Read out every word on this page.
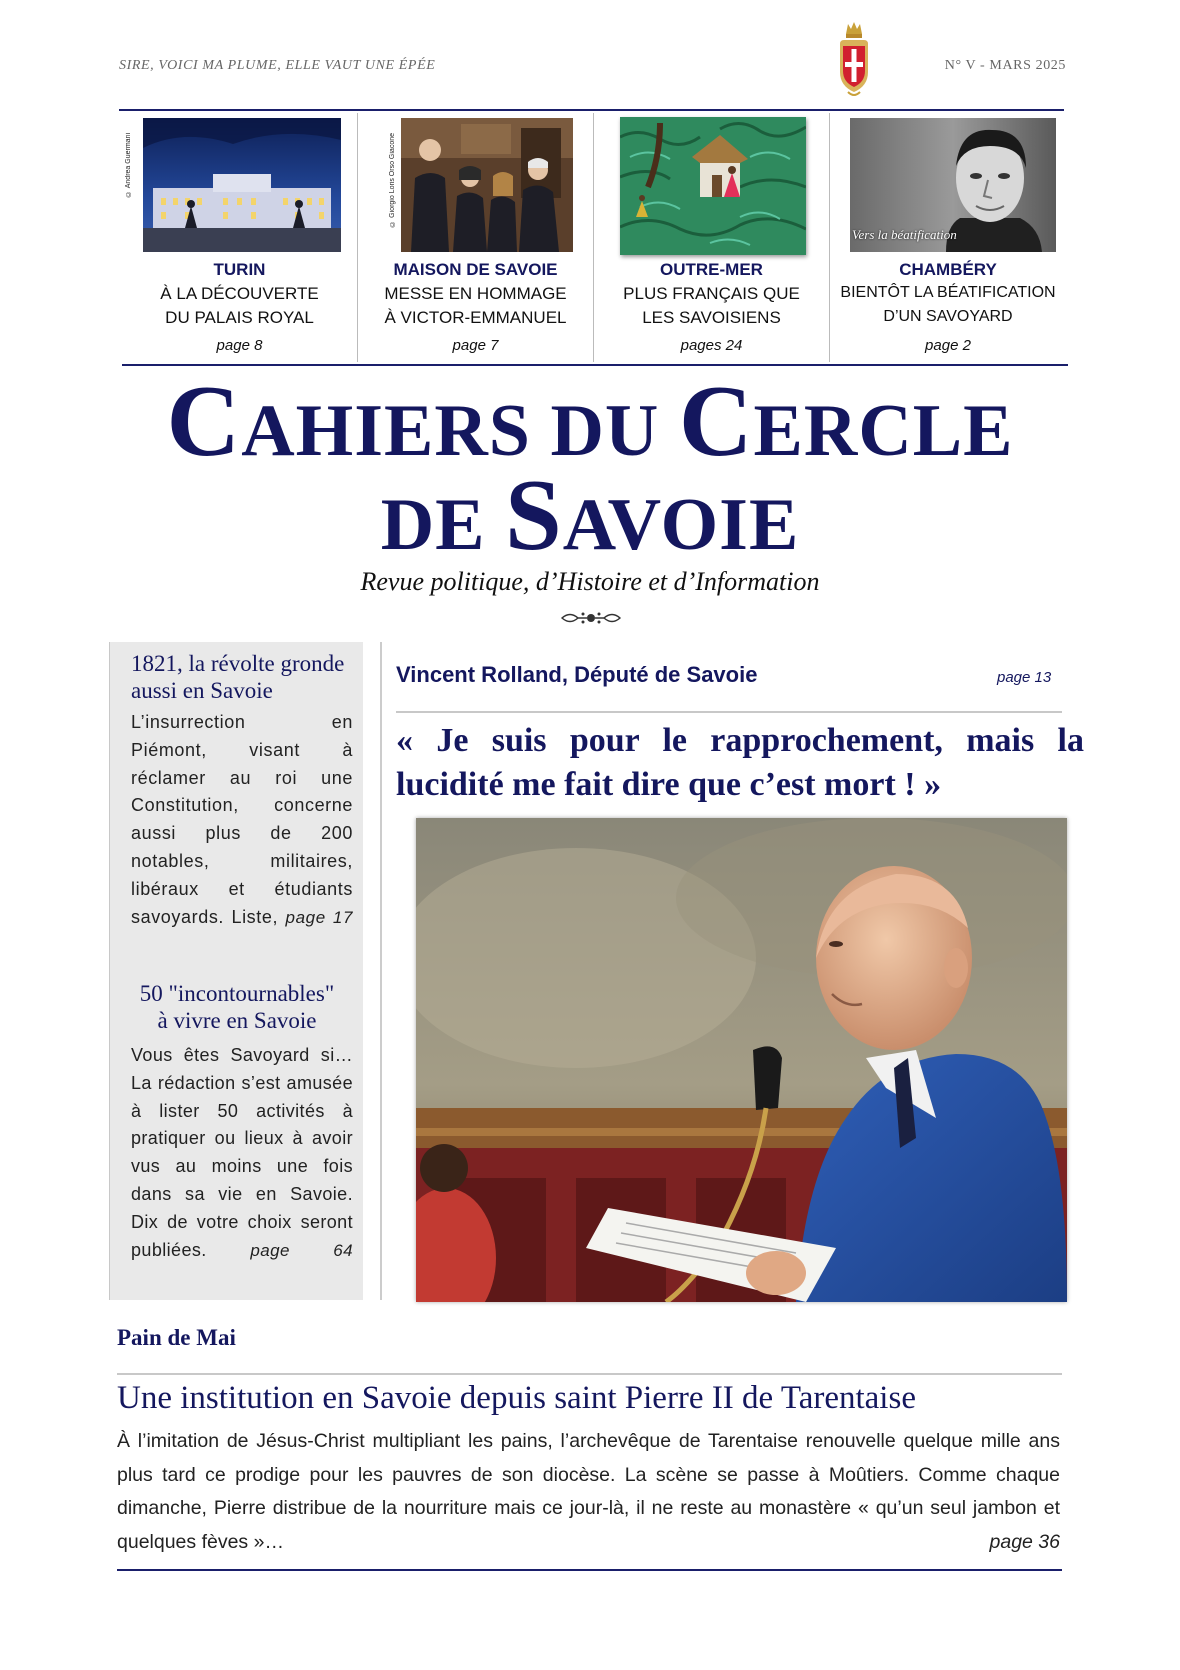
SIRE, VOICI MA PLUME, ELLE VAUT UNE ÉPÉE	N° V - MARS 2025
© Andrea Guermani
TURIN
À LA DÉCOUVERTE
DU PALAIS ROYAL
page 8
© Giorgio Loris Orso Giacone
MAISON DE SAVOIE
MESSE EN HOMMAGE
À VICTOR-EMMANUEL
page 7
OUTRE-MER
PLUS FRANÇAIS QUE
LES SAVOISIENS
pages 24
Vers la béatification
CHAMBÉRY
BIENTÔT LA BÉATIFICATION
D’UN SAVOYARD
page 2
CAHIERS DU CERCLE
DE SAVOIE
Revue politique, d’Histoire et d’Information
1821, la révolte gronde aussi en Savoie
L’insurrection en Piémont, visant à réclamer au roi une Constitution, concerne aussi plus de 200 notables, militaires, libéraux et étudiants savoyards. Liste, page 17
50 "incontournables"
à vivre en Savoie
Vous êtes Savoyard si… La rédaction s’est amusée à lister 50 activités à pratiquer ou lieux à avoir vus au moins une fois dans sa vie en Savoie. Dix de votre choix seront publiées.	page 64
Vincent Rolland, Député de Savoie	page 13
« Je suis pour le rapprochement, mais la lucidité me fait dire que c’est mort ! »
Pain de Mai
Une institution en Savoie depuis saint Pierre II de Tarentaise
À l’imitation de Jésus-Christ multipliant les pains, l’archevêque de Tarentaise renouvelle quelque mille ans plus tard ce prodige pour les pauvres de son diocèse. La scène se passe à Moûtiers. Comme chaque dimanche, Pierre distribue de la nourriture mais ce jour-là, il ne reste au monastère « qu’un seul jambon et quelques fèves »…	page 36
